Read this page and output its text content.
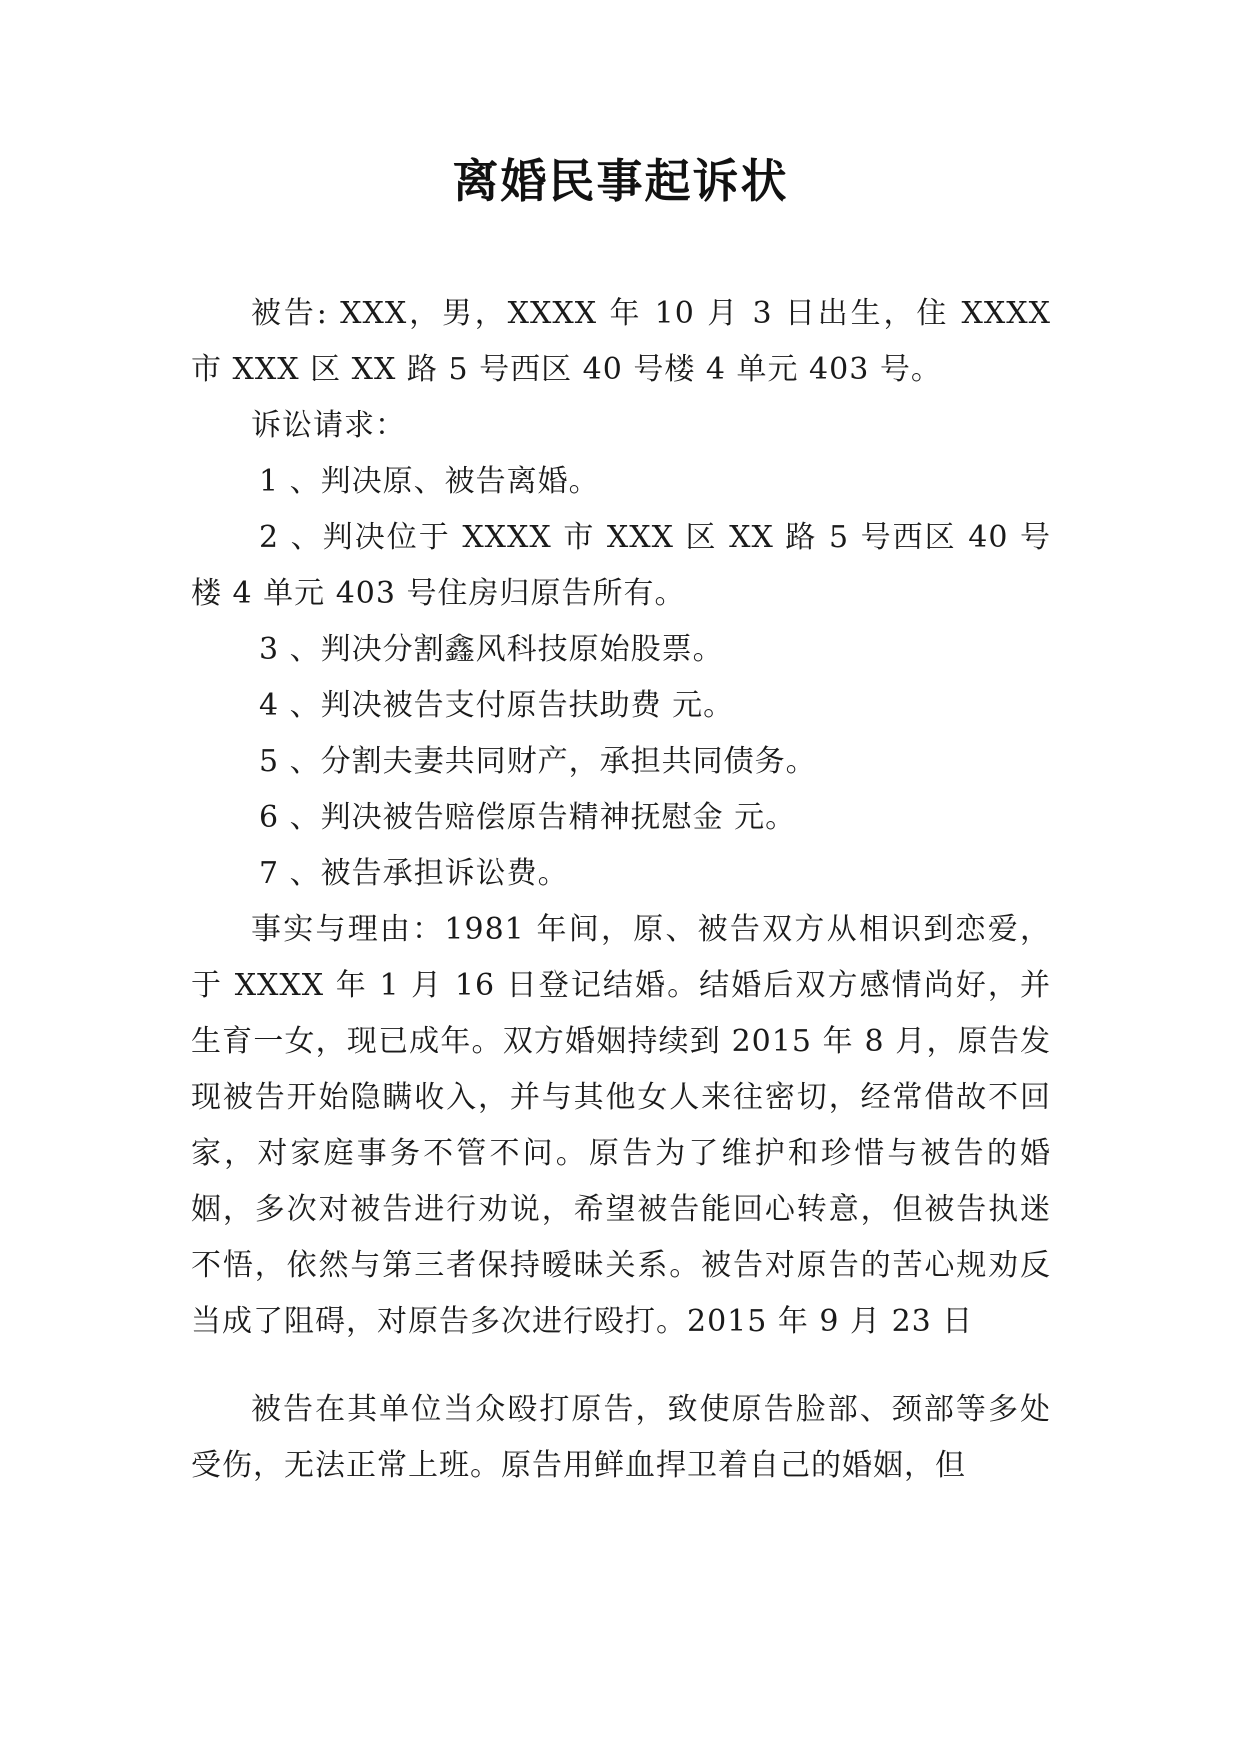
离婚民事起诉状

被告: XXX，男，XXXX 年 10 月 3 日出生，住 XXXX 市 XXX 区 XX 路 5 号西区 40 号楼 4 单元 403 号。

诉讼请求：

1 、判决原、被告离婚。

2 、判决位于 XXXX 市 XXX 区 XX 路 5 号西区 40 号楼 4 单元 403 号住房归原告所有。

3 、判决分割鑫风科技原始股票。

4 、判决被告支付原告扶助费 元。

5 、分割夫妻共同财产，承担共同债务。

6 、判决被告赔偿原告精神抚慰金 元。

7 、被告承担诉讼费。

事实与理由：1981 年间，原、被告双方从相识到恋爱，于 XXXX 年 1 月 16 日登记结婚。结婚后双方感情尚好，并生育一女，现已成年。双方婚姻持续到 2015 年 8 月，原告发现被告开始隐瞒收入，并与其他女人来往密切，经常借故不回家，对家庭事务不管不问。原告为了维护和珍惜与被告的婚姻，多次对被告进行劝说，希望被告能回心转意，但被告执迷不悟，依然与第三者保持暧昧关系。被告对原告的苦心规劝反当成了阻碍，对原告多次进行殴打。2015 年 9 月 23 日

被告在其单位当众殴打原告，致使原告脸部、颈部等多处受伤，无法正常上班。原告用鲜血捍卫着自己的婚姻，但
